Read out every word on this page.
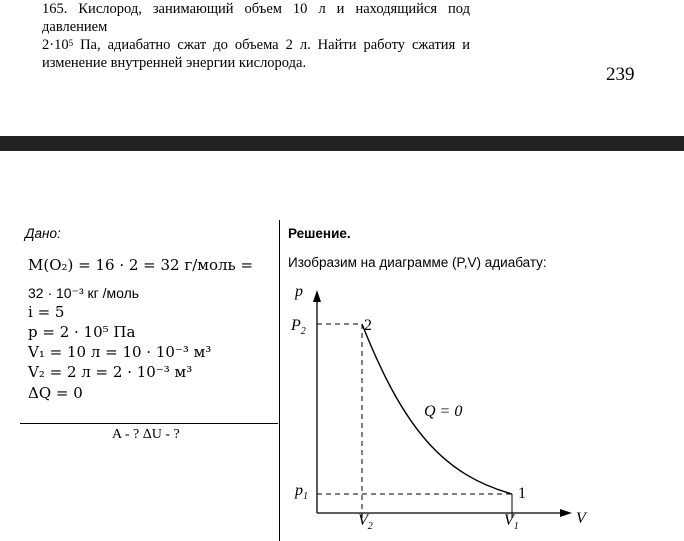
165. Кислород, занимающий объем 10 л и находящийся под давлением
$2\cdot 10^5$ Па, адиабатно сжат до объема 2 л. Найти работу сжатия и
изменение внутренней энергии кислорода.
239
Дано:
M(O₂) = 16 · 2 = 32 г/моль =
32 · 10⁻³ кг /моль
i = 5
p = 2 · 10⁵ Па
V₁ = 10 л = 10 · 10⁻³ м³
V₂ = 2 л = 2 · 10⁻³ м³
ΔQ = 0
A - ? ΔU - ?
Решение.
Изобразим на диаграмме (P,V) адиабату:
p
V
$P_2$	2
$p_1$	1
Q = 0
$V_2$	$V_1$
